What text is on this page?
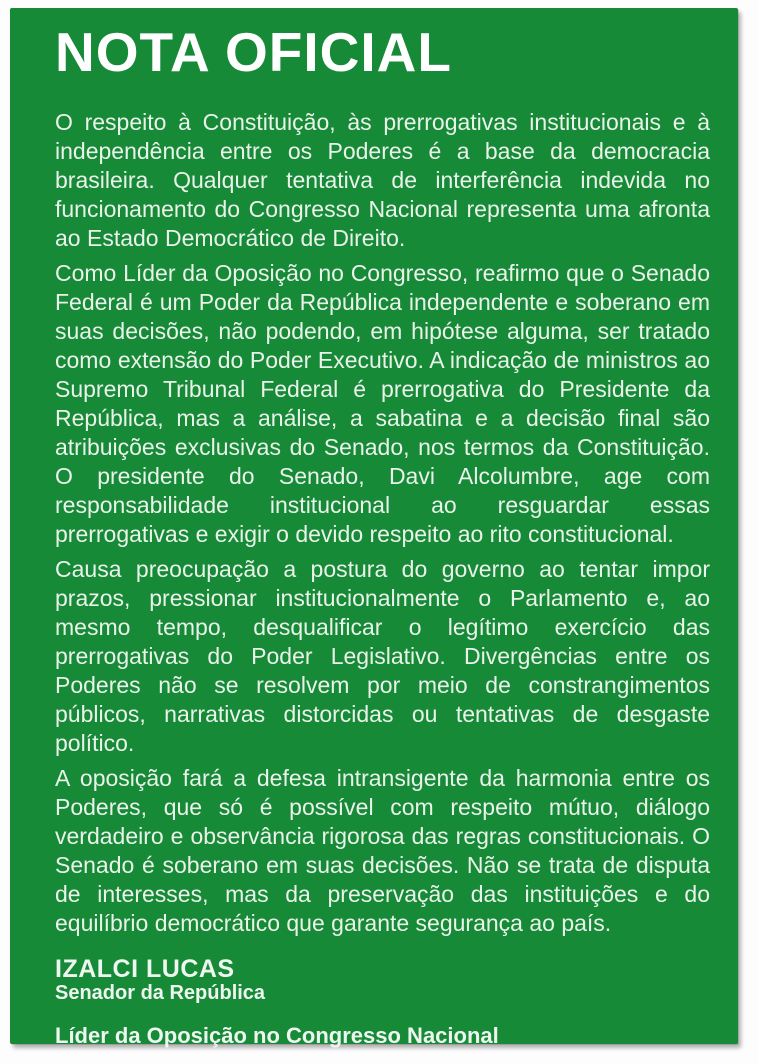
NOTA OFICIAL

O respeito à Constituição, às prerrogativas institucionais e à independência entre os Poderes é a base da democracia brasileira. Qualquer tentativa de interferência indevida no funcionamento do Congresso Nacional representa uma afronta ao Estado Democrático de Direito.

Como Líder da Oposição no Congresso, reafirmo que o Senado Federal é um Poder da República independente e soberano em suas decisões, não podendo, em hipótese alguma, ser tratado como extensão do Poder Executivo. A indicação de ministros ao Supremo Tribunal Federal é prerrogativa do Presidente da República, mas a análise, a sabatina e a decisão final são atribuições exclusivas do Senado, nos termos da Constituição. O presidente do Senado, Davi Alcolumbre, age com responsabilidade institucional ao resguardar essas prerrogativas e exigir o devido respeito ao rito constitucional.

Causa preocupação a postura do governo ao tentar impor prazos, pressionar institucionalmente o Parlamento e, ao mesmo tempo, desqualificar o legítimo exercício das prerrogativas do Poder Legislativo. Divergências entre os Poderes não se resolvem por meio de constrangimentos públicos, narrativas distorcidas ou tentativas de desgaste político.

A oposição fará a defesa intransigente da harmonia entre os Poderes, que só é possível com respeito mútuo, diálogo verdadeiro e observância rigorosa das regras constitucionais. O Senado é soberano em suas decisões. Não se trata de disputa de interesses, mas da preservação das instituições e do equilíbrio democrático que garante segurança ao país.

IZALCI LUCAS
Senador da República
Líder da Oposição no Congresso Nacional
